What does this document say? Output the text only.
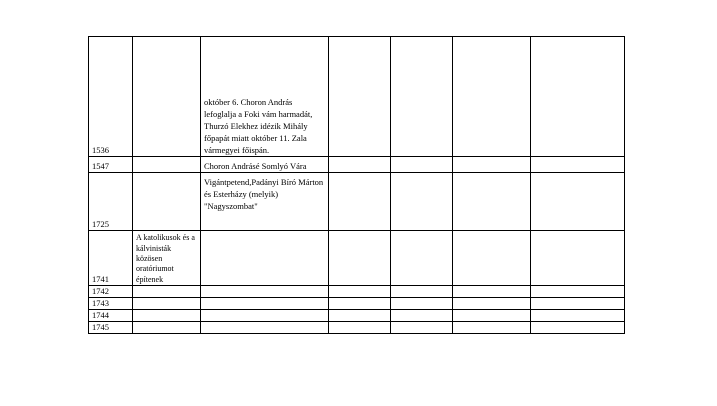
1536		október 6. Choron András lefoglalja a Foki vám harmadát, Thurzó Elekhez idézik Mihály főpapát miatt október 11. Zala vármegyei főispán.				
1547		Choron Andrásé Somlyó Vára				
1725		Vigántpetend,Padányi Bíró Márton és Esterházy (melyik) "Nagyszombat"				
1741	A katolikusok és a kálvinisták közösen oratóriumot építenek					
1742						
1743						
1744						
1745						
